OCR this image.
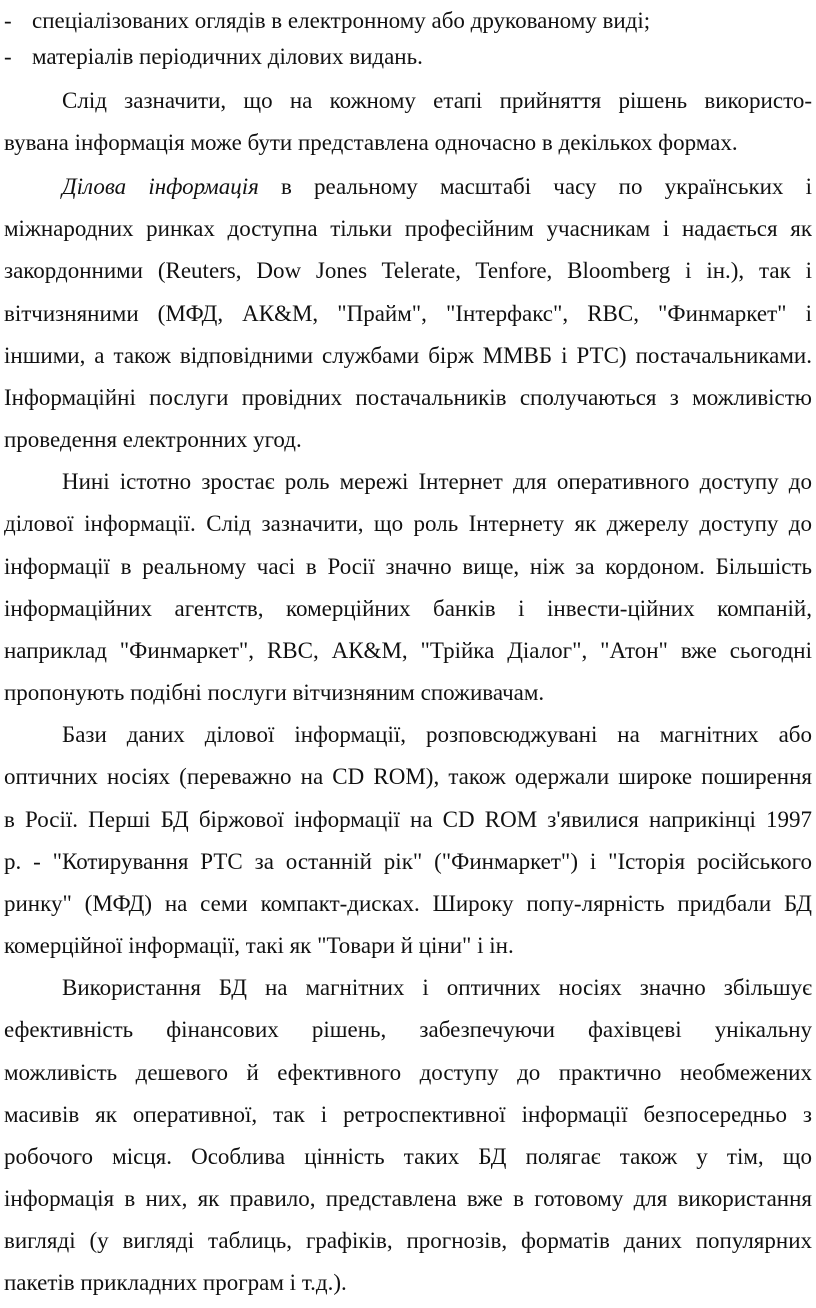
- спеціалізованих оглядів в електронному або друкованому виді;
- матеріалів періодичних ділових видань.
Слід зазначити, що на кожному етапі прийняття рішень використо-
вувана інформація може бути представлена одночасно в декількох формах.
Ділова інформація в реальному масштабі часу по українських і
міжнародних ринках доступна тільки професійним учасникам і надається як
закордонними (Reuters, Dow Jones Telerate, Tenfore, Bloomberg і ін.), так і
вітчизняними (МФД, АК&М, "Прайм", "Інтерфакс", RBC, "Финмаркет" і
іншими, а також відповідними службами бірж ММВБ і РТС) постачальниками.
Інформаційні послуги провідних постачальників сполучаються з можливістю
проведення електронних угод.
Нині істотно зростає роль мережі Інтернет для оперативного доступу до
ділової інформації. Слід зазначити, що роль Інтернету як джерелу доступу до
інформації в реальному часі в Росії значно вище, ніж за кордоном. Більшість
інформаційних агентств, комерційних банків і інвести-ційних компаній,
наприклад "Финмаркет", RBC, АК&М, "Трійка Діалог", "Атон" вже сьогодні
пропонують подібні послуги вітчизняним споживачам.
Бази даних ділової інформації, розповсюджувані на магнітних або
оптичних носіях (переважно на CD ROM), також одержали широке поширення
в Росії. Перші БД біржової інформації на CD ROM з'явилися наприкінці 1997
р. - "Котирування РТС за останній рік" ("Финмаркет") і "Історія російського
ринку" (МФД) на семи компакт-дисках. Широку попу-лярність придбали БД
комерційної інформації, такі як "Товари й ціни" і ін.
Використання БД на магнітних і оптичних носіях значно збільшує
ефективність фінансових рішень, забезпечуючи фахівцеві унікальну
можливість дешевого й ефективного доступу до практично необмежених
масивів як оперативної, так і ретроспективної інформації безпосередньо з
робочого місця. Особлива цінність таких БД полягає також у тім, що
інформація в них, як правило, представлена вже в готовому для використання
вигляді (у вигляді таблиць, графіків, прогнозів, форматів даних популярних
пакетів прикладних програм і т.д.).
